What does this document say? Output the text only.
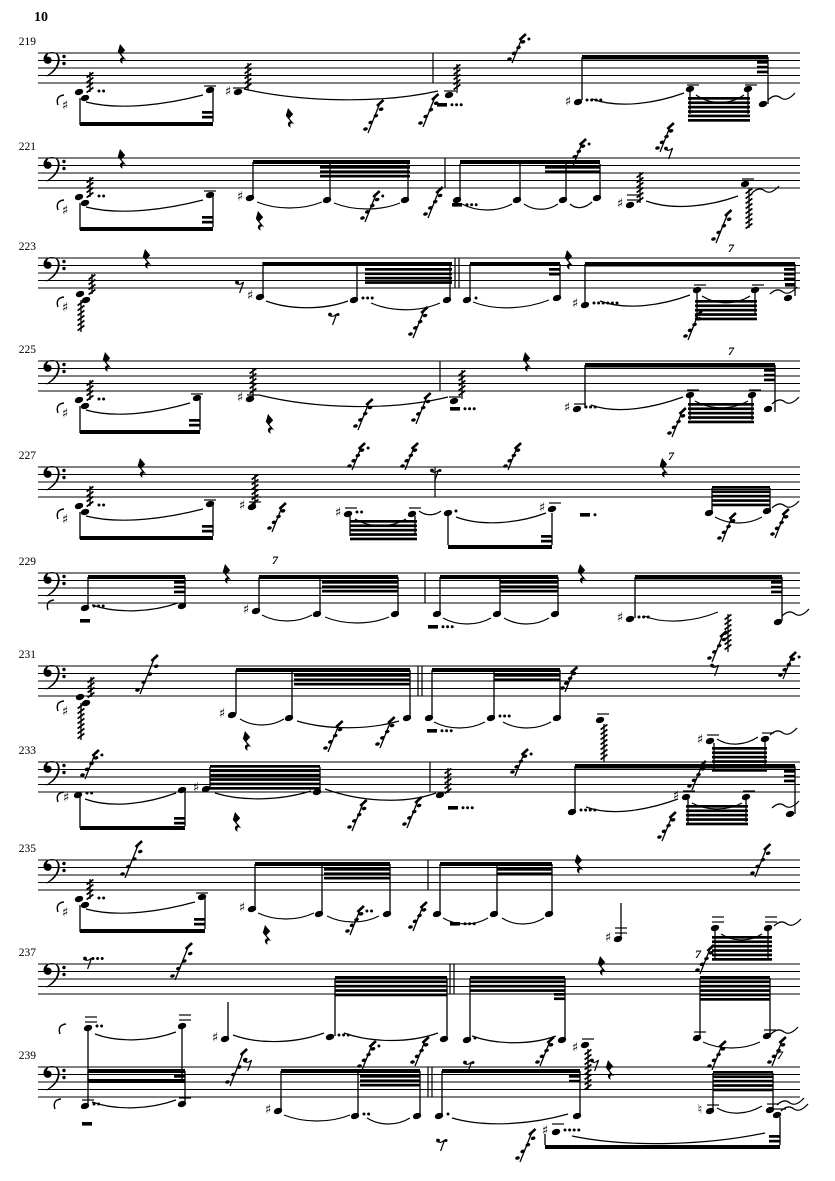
♯
♯
♯
♯
♯	♯
♯
♯
♯
♯
♯
♯
♯
♯	♯	♯
♯
♯
♯	♯
♯
♯
♯
♯
♯	♯
♯
♯
♯
♯
♯
♮
10
219
221
223
225
227
229
231
233
235
237
239
7
7
7
7
7
7
